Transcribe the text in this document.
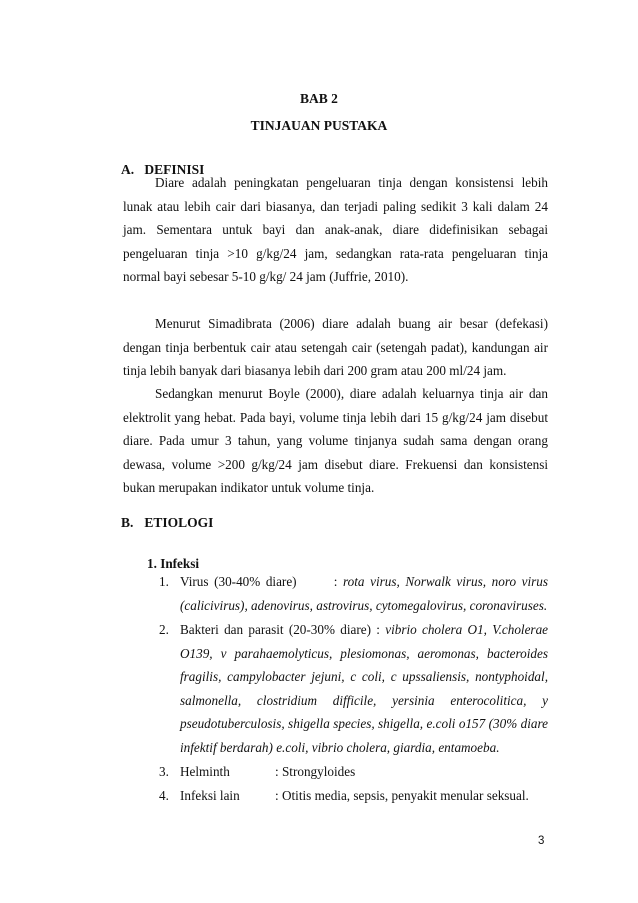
BAB 2
TINJAUAN PUSTAKA
A. DEFINISI

Diare adalah peningkatan pengeluaran tinja dengan konsistensi lebih lunak atau lebih cair dari biasanya, dan terjadi paling sedikit 3 kali dalam 24 jam. Sementara untuk bayi dan anak-anak, diare didefinisikan sebagai pengeluaran tinja >10 g/kg/24 jam, sedangkan rata-rata pengeluaran tinja normal bayi sebesar 5-10 g/kg/ 24 jam (Juffrie, 2010).

Menurut Simadibrata (2006) diare adalah buang air besar (defekasi) dengan tinja berbentuk cair atau setengah cair (setengah padat), kandungan air tinja lebih banyak dari biasanya lebih dari 200 gram atau 200 ml/24 jam.

Sedangkan menurut Boyle (2000), diare adalah keluarnya tinja air dan elektrolit yang hebat. Pada bayi, volume tinja lebih dari 15 g/kg/24 jam disebut diare. Pada umur 3 tahun, yang volume tinjanya sudah sama dengan orang dewasa, volume >200 g/kg/24 jam disebut diare. Frekuensi dan konsistensi bukan merupakan indikator untuk volume tinja.

B. ETIOLOGI
1. Infeksi
1. Virus (30-40% diare)	: rota virus, Norwalk virus, noro virus (calicivirus), adenovirus, astrovirus, cytomegalovirus, coronaviruses.
2. Bakteri dan parasit (20-30% diare) : vibrio cholera O1, V.cholerae O139, v parahaemolyticus, plesiomonas, aeromonas, bacteroides fragilis, campylobacter jejuni, c coli, c upssaliensis, nontyphoidal, salmonella, clostridium difficile, yersinia enterocolitica, y pseudotuberculosis, shigella species, shigella, e.coli o157 (30% diare infektif berdarah) e.coli, vibrio cholera, giardia, entamoeba.
3. Helminth	: Strongyloides
4. Infeksi lain	: Otitis media, sepsis, penyakit menular seksual.
3
